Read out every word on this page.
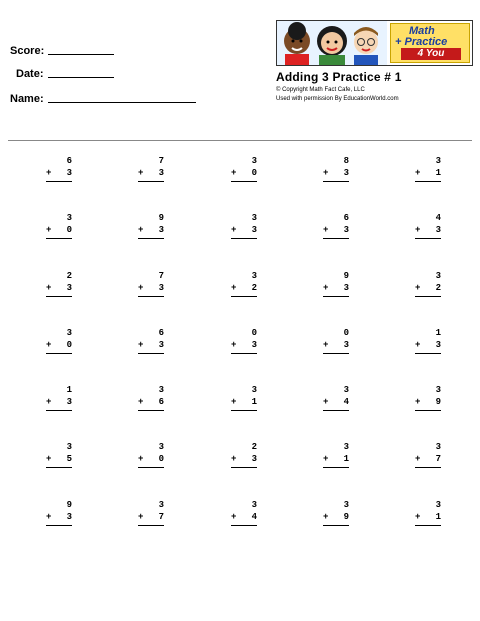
Score:
Date:
Name:
Math
+ Practice
4 You
Adding 3 Practice # 1
© Copyright Math Fact Cafe, LLC
Used with permission By EducationWorld.com
6
+ 3
7
+ 3
3
+ 0
8
+ 3
3
+ 1
3
+ 0
9
+ 3
3
+ 3
6
+ 3
4
+ 3
2
+ 3
7
+ 3
3
+ 2
9
+ 3
3
+ 2
3
+ 0
6
+ 3
0
+ 3
0
+ 3
1
+ 3
1
+ 3
3
+ 6
3
+ 1
3
+ 4
3
+ 9
3
+ 5
3
+ 0
2
+ 3
3
+ 1
3
+ 7
9
+ 3
3
+ 7
3
+ 4
3
+ 9
3
+ 1
